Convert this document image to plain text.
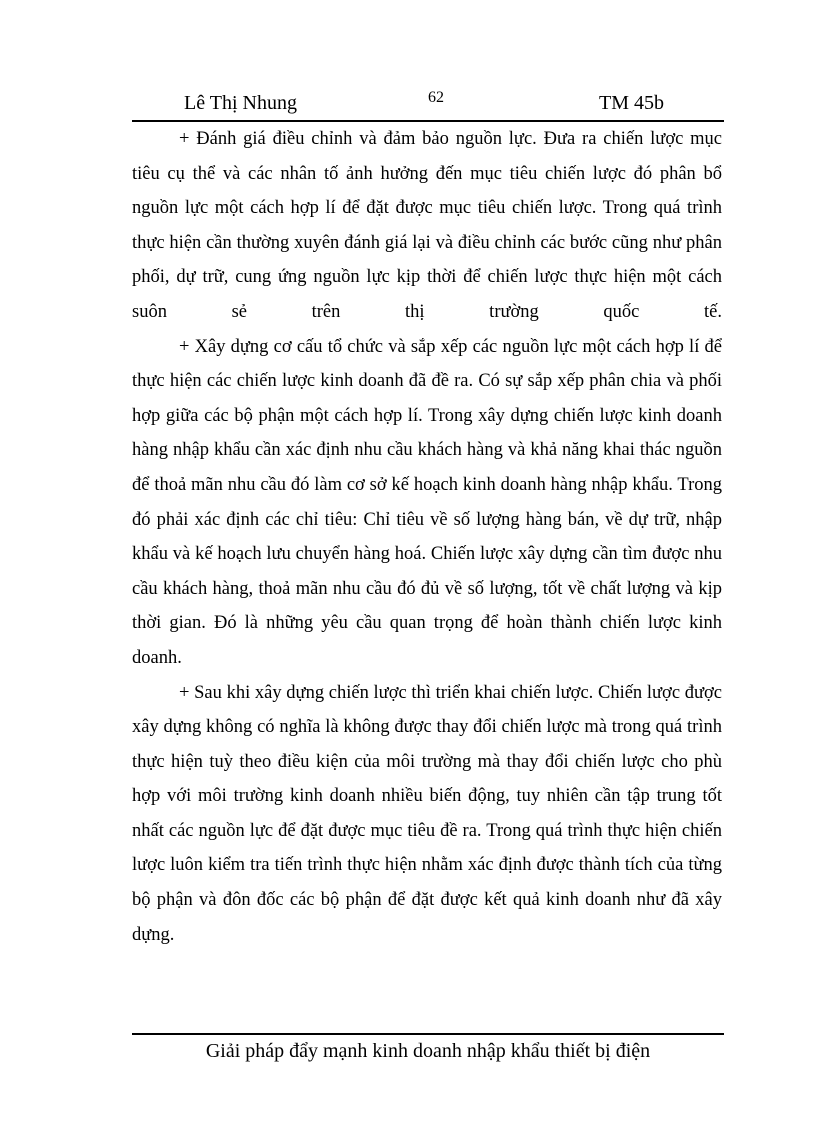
Lê Thị Nhung	62	TM 45b

+ Đánh giá điều chỉnh và đảm bảo nguồn lực. Đưa ra chiến lược mục tiêu cụ thể và các nhân tố ảnh hưởng đến mục tiêu chiến lược đó phân bổ nguồn lực một cách hợp lí để đặt được mục tiêu chiến lược. Trong quá trình thực hiện cần thường xuyên đánh giá lại và điều chỉnh các bước cũng như phân phối, dự trữ, cung ứng nguồn lực kịp thời để chiến lược thực hiện một cách suôn sẻ trên thị trường quốc tế.

+ Xây dựng cơ cấu tổ chức và sắp xếp các nguồn lực một cách hợp lí để thực hiện các chiến lược kinh doanh đã đề ra. Có sự sắp xếp phân chia và phối hợp giữa các bộ phận một cách hợp lí. Trong xây dựng chiến lược kinh doanh hàng nhập khẩu cần xác định nhu cầu khách hàng và khả năng khai thác nguồn để thoả mãn nhu cầu đó làm cơ sở kế hoạch kinh doanh hàng nhập khẩu. Trong đó phải xác định các chỉ tiêu: Chỉ tiêu về số lượng hàng bán, về dự trữ, nhập khẩu và kế hoạch lưu chuyển hàng hoá. Chiến lược xây dựng cần tìm được nhu cầu khách hàng, thoả mãn nhu cầu đó đủ về số lượng, tốt về chất lượng và kịp thời gian. Đó là những yêu cầu quan trọng để hoàn thành chiến lược kinh doanh.

+ Sau khi xây dựng chiến lược thì triển khai chiến lược. Chiến lược được xây dựng không có nghĩa là không được thay đổi chiến lược mà trong quá trình thực hiện tuỳ theo điều kiện của môi trường mà thay đổi chiến lược cho phù hợp với môi trường kinh doanh nhiều biến động, tuy nhiên cần tập trung tốt nhất các nguồn lực để đặt được mục tiêu đề ra. Trong quá trình thực hiện chiến lược luôn kiểm tra tiến trình thực hiện nhằm xác định được thành tích của từng bộ phận và đôn đốc các bộ phận để đặt được kết quả kinh doanh như đã xây dựng.

Giải pháp đẩy mạnh kinh doanh nhập khẩu thiết bị điện
